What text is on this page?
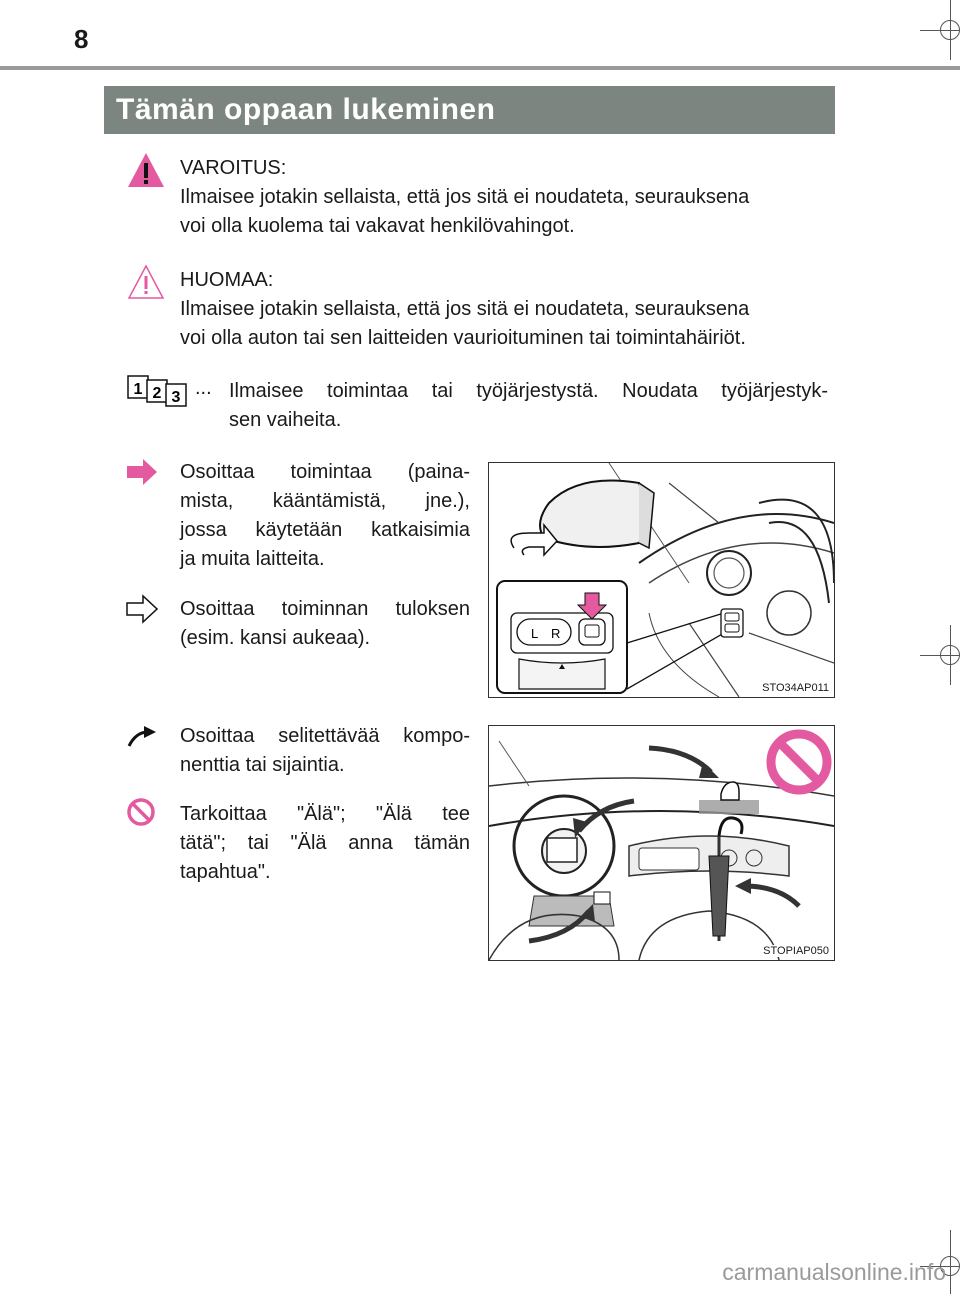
8
Tämän oppaan lukeminen
VAROITUS:
Ilmaisee jotakin sellaista, että jos sitä ei noudateta, seurauksena
voi olla kuolema tai vakavat henkilövahingot.
HUOMAA:
Ilmaisee jotakin sellaista, että jos sitä ei noudateta, seurauksena
voi olla auton tai sen laitteiden vaurioituminen tai toimintahäiriöt.
1 2 3 ... Ilmaisee toimintaa tai työjärjestystä. Noudata työjärjestyk-
sen vaiheita.
Osoittaa toimintaa (paina-
mista, kääntämistä, jne.),
jossa käytetään katkaisimia
ja muita laitteita.
Osoittaa toiminnan tuloksen
(esim. kansi aukeaa).	L R
STO34AP011
Osoittaa selitettävää kompo-
nenttia tai sijaintia.
Tarkoittaa "Älä"; "Älä tee
tätä"; tai "Älä anna tämän
tapahtua".
STOPIAP050
carmanualsonline.info
